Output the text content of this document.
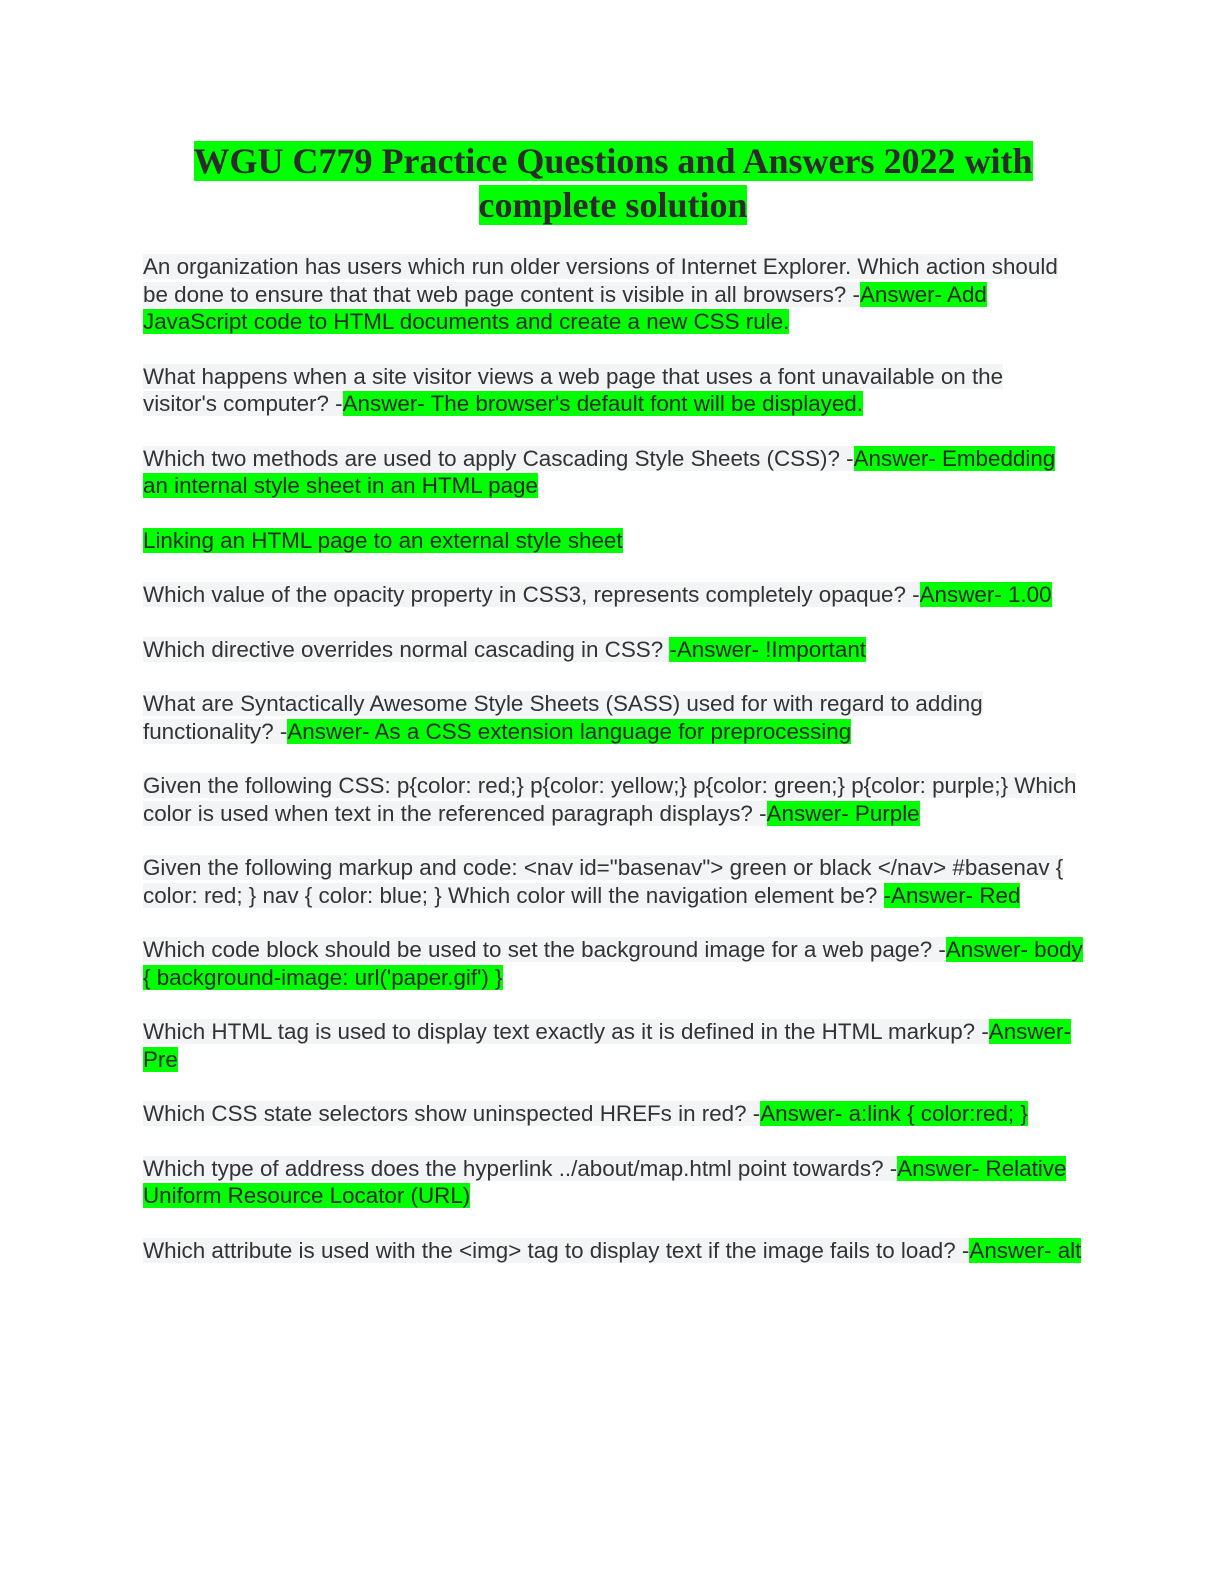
WGU C779 Practice Questions and Answers 2022 with complete solution

An organization has users which run older versions of Internet Explorer. Which action should be done to ensure that that web page content is visible in all browsers? -Answer- Add JavaScript code to HTML documents and create a new CSS rule.

What happens when a site visitor views a web page that uses a font unavailable on the visitor's computer? -Answer- The browser's default font will be displayed.

Which two methods are used to apply Cascading Style Sheets (CSS)? -Answer- Embedding an internal style sheet in an HTML page

Linking an HTML page to an external style sheet

Which value of the opacity property in CSS3, represents completely opaque? -Answer- 1.00

Which directive overrides normal cascading in CSS? -Answer- !Important

What are Syntactically Awesome Style Sheets (SASS) used for with regard to adding functionality? -Answer- As a CSS extension language for preprocessing

Given the following CSS: p{color: red;} p{color: yellow;} p{color: green;} p{color: purple;} Which color is used when text in the referenced paragraph displays? -Answer- Purple

Given the following markup and code: <nav id="basenav"> green or black </nav> #basenav { color: red; } nav { color: blue; } Which color will the navigation element be? -Answer- Red

Which code block should be used to set the background image for a web page? -Answer- body { background-image: url('paper.gif') }

Which HTML tag is used to display text exactly as it is defined in the HTML markup? -Answer- Pre

Which CSS state selectors show uninspected HREFs in red? -Answer- a:link { color:red; }

Which type of address does the hyperlink ../about/map.html point towards? -Answer- Relative Uniform Resource Locator (URL)

Which attribute is used with the <img> tag to display text if the image fails to load? -Answer- alt
